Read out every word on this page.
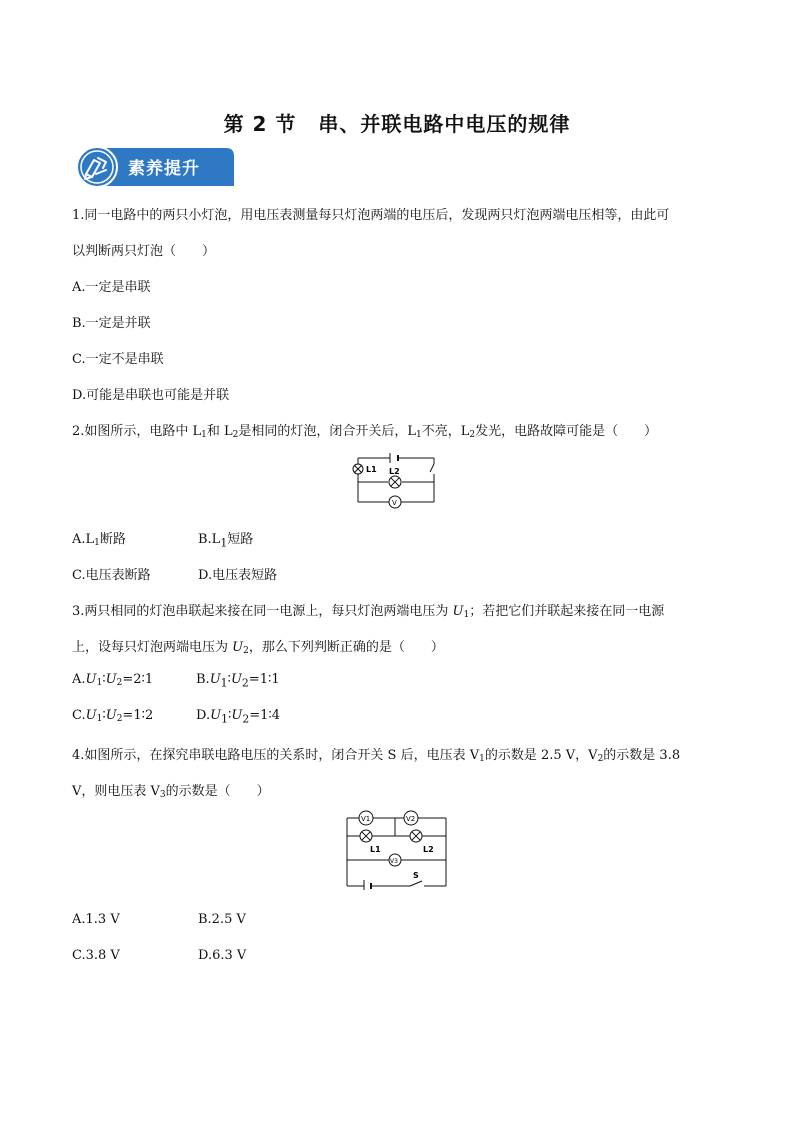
第 2 节 串、并联电路中电压的规律
素养提升
1.同一电路中的两只小灯泡，用电压表测量每只灯泡两端的电压后，发现两只灯泡两端电压相等，由此可
以判断两只灯泡（　　）
A.一定是串联
B.一定是并联
C.一定不是串联
D.可能是串联也可能是并联
2.如图所示，电路中 $L_1$和 $L_2$是相同的灯泡，闭合开关后，$L_1$不亮，$L_2$发光，电路故障可能是（　　）
L1 L2
V
$A.L_1$断路	$B.L_1$短路
C.电压表断路	D.电压表短路
3.两只相同的灯泡串联起来接在同一电源上，每只灯泡两端电压为 $U_1$；若把它们并联起来接在同一电源
上，设每只灯泡两端电压为 $U_2$，那么下列判断正确的是（　　）
$A.U_1∶U_2=2∶1$	$B.U_1∶U_2=1∶1$
$C.U_1∶U_2=1∶2$	$D.U_1∶U_2=1∶4$
4.如图所示，在探究串联电路电压的关系时，闭合开关 S 后，电压表 $V_1$的示数是 2.5 V，$V_2$的示数是 3.8
V，则电压表 $V_3$的示数是（　　）
V1	V2
V3
L1	L2
S
A.1.3 V	B.2.5 V
C.3.8 V	D.6.3 V
